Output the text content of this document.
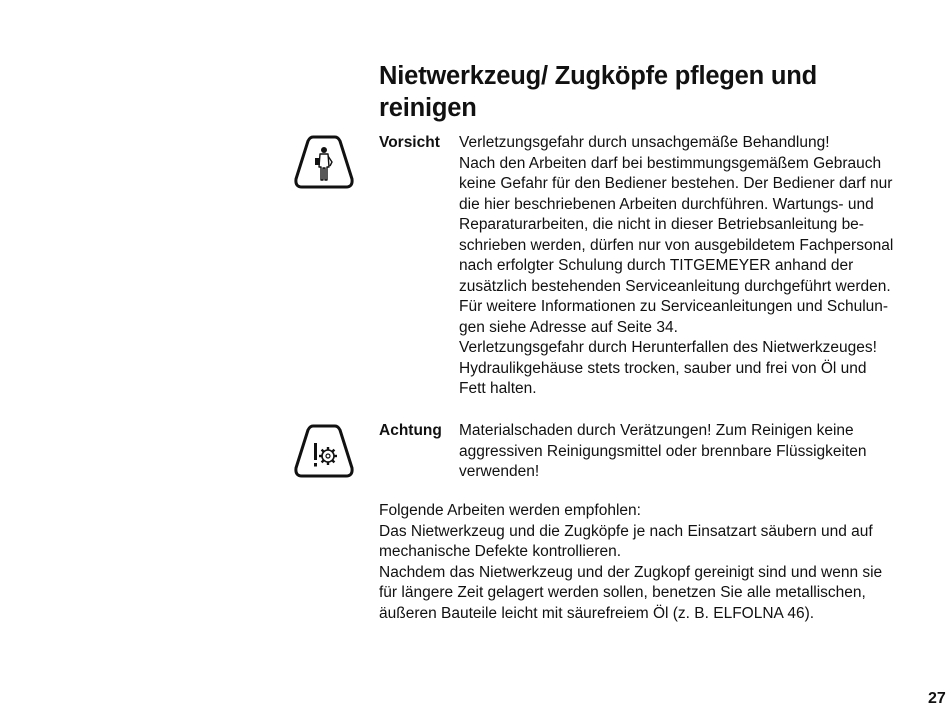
Nietwerkzeug/ Zugköpfe pflegen und
reinigen
Vorsicht Verletzungsgefahr durch unsachgemäße Behandlung!
Nach den Arbeiten darf bei bestimmungsgemäßem Gebrauch
keine Gefahr für den Bediener bestehen. Der Bediener darf nur
die hier beschriebenen Arbeiten durchführen. Wartungs- und
Reparaturarbeiten, die nicht in dieser Betriebsanleitung be-
schrieben werden, dürfen nur von ausgebildetem Fachpersonal
nach erfolgter Schulung durch TITGEMEYER anhand der
zusätzlich bestehenden Serviceanleitung durchgeführt werden.
Für weitere Informationen zu Serviceanleitungen und Schulun-
gen siehe Adresse auf Seite 34.
Verletzungsgefahr durch Herunterfallen des Nietwerkzeuges!
Hydraulikgehäuse stets trocken, sauber und frei von Öl und
Fett halten.
Achtung Materialschaden durch Verätzungen! Zum Reinigen keine
aggressiven Reinigungsmittel oder brennbare Flüssigkeiten
verwenden!
Folgende Arbeiten werden empfohlen:
Das Nietwerkzeug und die Zugköpfe je nach Einsatzart säubern und auf
mechanische Defekte kontrollieren.
Nachdem das Nietwerkzeug und der Zugkopf gereinigt sind und wenn sie
für längere Zeit gelagert werden sollen, benetzen Sie alle metallischen,
äußeren Bauteile leicht mit säurefreiem Öl (z. B. ELFOLNA 46).
27
